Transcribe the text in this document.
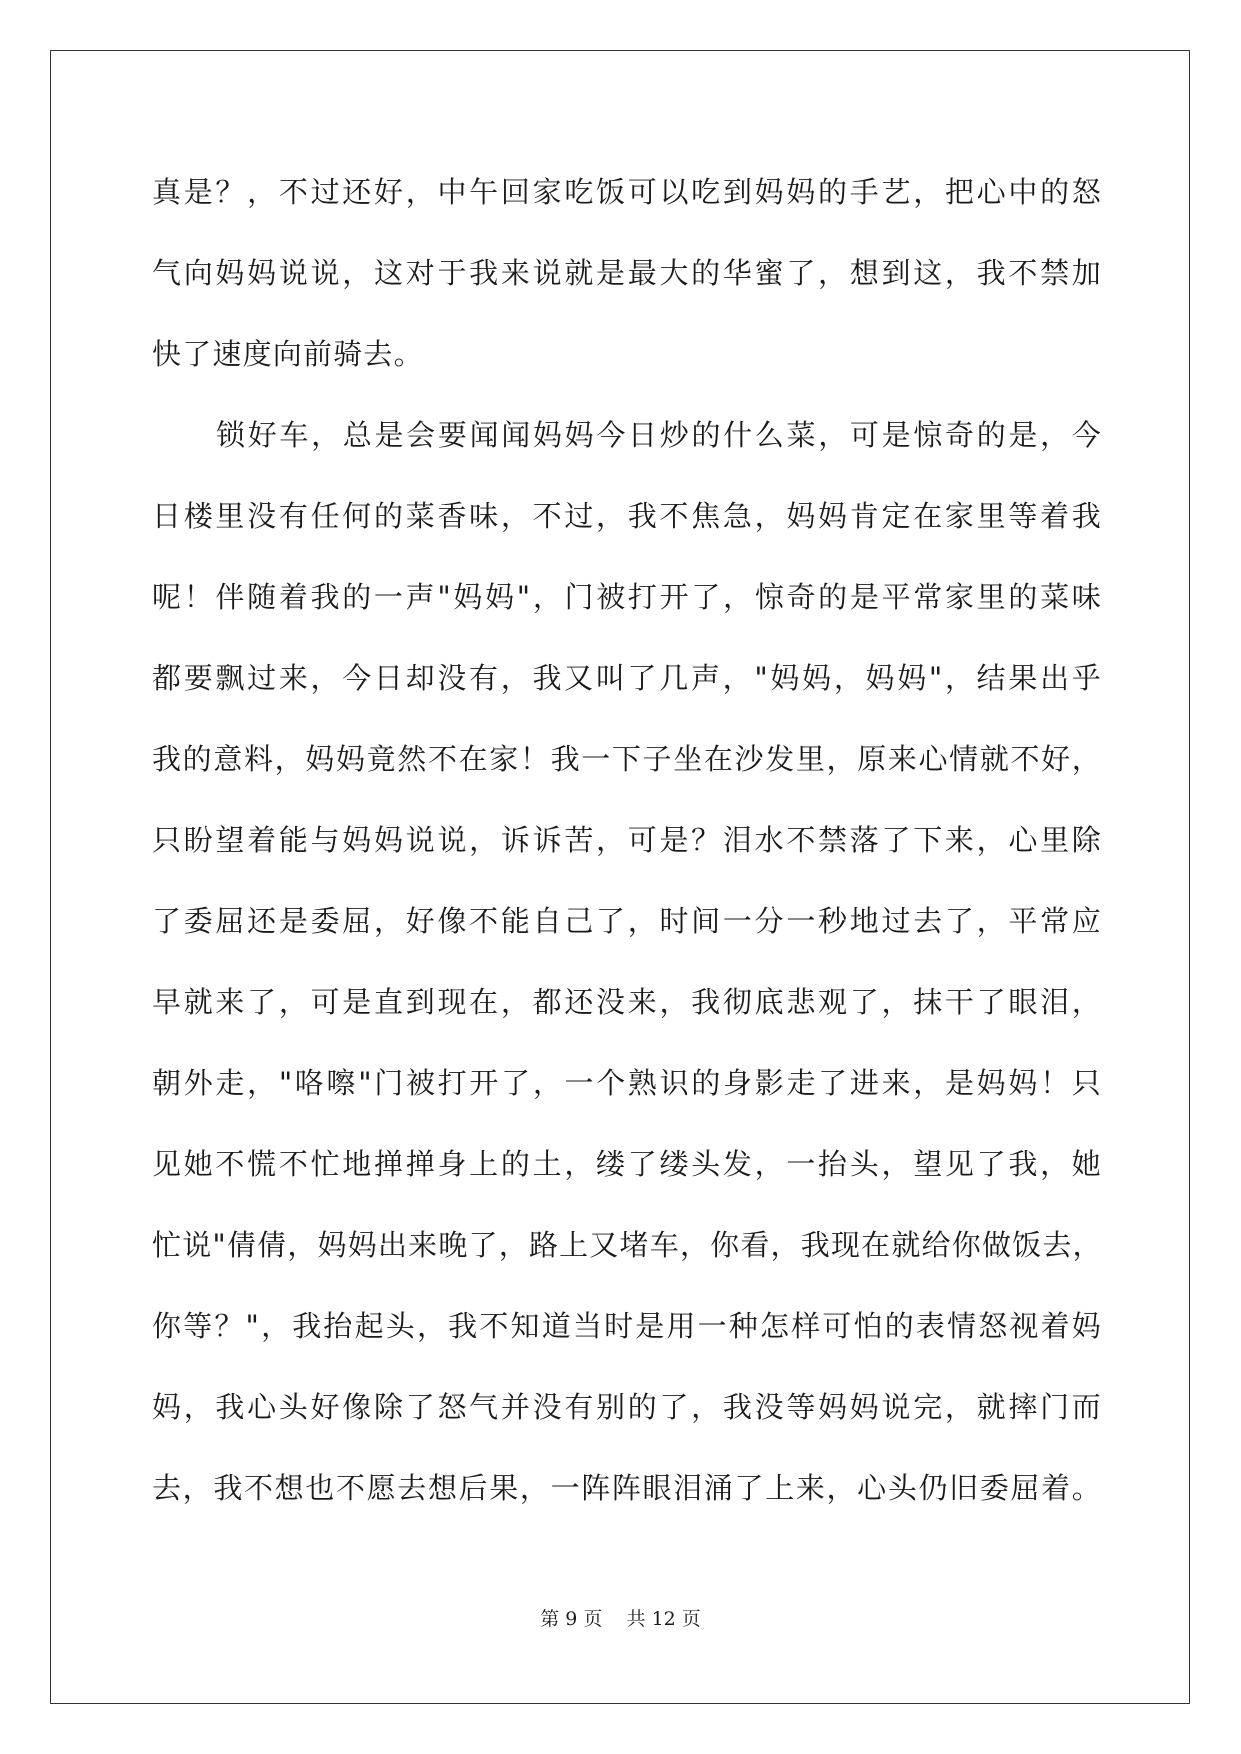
真是？，不过还好，中午回家吃饭可以吃到妈妈的手艺，把心中的怒
气向妈妈说说，这对于我来说就是最大的华蜜了，想到这，我不禁加
快了速度向前骑去。
锁好车，总是会要闻闻妈妈今日炒的什么菜，可是惊奇的是，今
日楼里没有任何的菜香味，不过，我不焦急，妈妈肯定在家里等着我
呢！伴随着我的一声"妈妈"，门被打开了，惊奇的是平常家里的菜味
都要飘过来，今日却没有，我又叫了几声，"妈妈，妈妈"，结果出乎
我的意料，妈妈竟然不在家！我一下子坐在沙发里，原来心情就不好，
只盼望着能与妈妈说说，诉诉苦，可是？泪水不禁落了下来，心里除
了委屈还是委屈，好像不能自己了，时间一分一秒地过去了，平常应
早就来了，可是直到现在，都还没来，我彻底悲观了，抹干了眼泪，
朝外走，"咯嚓"门被打开了，一个熟识的身影走了进来，是妈妈！只
见她不慌不忙地掸掸身上的土，缕了缕头发，一抬头，望见了我，她
忙说"倩倩，妈妈出来晚了，路上又堵车，你看，我现在就给你做饭去，
你等？"，我抬起头，我不知道当时是用一种怎样可怕的表情怒视着妈
妈，我心头好像除了怒气并没有别的了，我没等妈妈说完，就摔门而
去，我不想也不愿去想后果，一阵阵眼泪涌了上来，心头仍旧委屈着。
第 9 页 共 12 页
